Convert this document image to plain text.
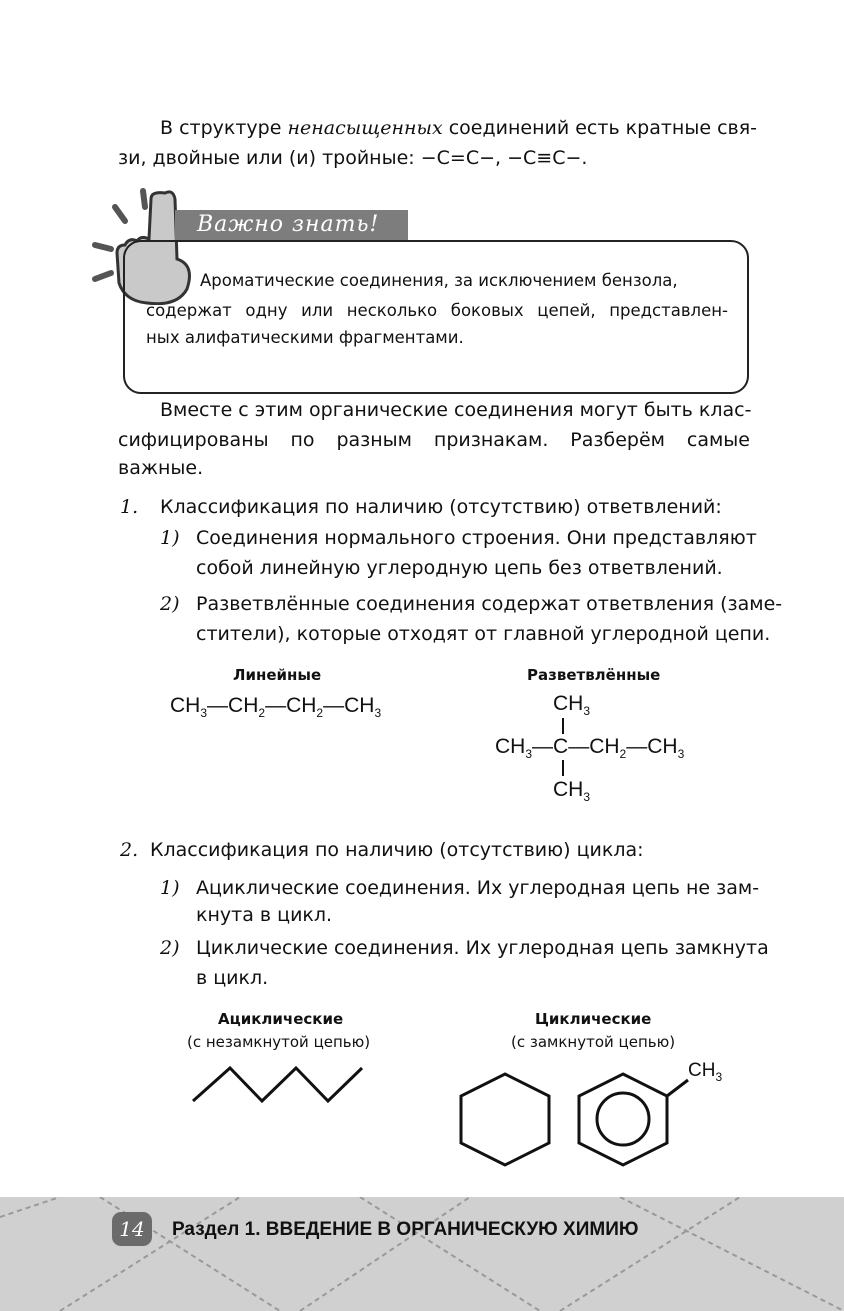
В структуре ненасыщенных соединений есть кратные свя-
зи, двойные или (и) тройные: −C=C−, −C≡C−.
Важно знать!
Ароматические соединения, за исключением бензола,
содержат одну или несколько боковых цепей, представлен-
ных алифатическими фрагментами.
Вместе с этим органические соединения могут быть клас-
сифицированы по разным признакам. Разберём самые
важные.
1. Классификация по наличию (отсутствию) ответвлений:
1) Соединения нормального строения. Они представляют
собой линейную углеродную цепь без ответвлений.
2) Разветвлённые соединения содержат ответвления (заме-
стители), которые отходят от главной углеродной цепи.
Линейные
$CH_3—CH_2—CH_2—CH_3$
Разветвлённые
$CH_3$
$CH_3—C—CH_2—CH_3$
$CH_3$
2. Классификация по наличию (отсутствию) цикла:
1) Ациклические соединения. Их углеродная цепь не зам-
кнута в цикл.
2) Циклические соединения. Их углеродная цепь замкнута
в цикл.
Ациклические
(с незамкнутой цепью)
Циклические
(с замкнутой цепью)
$CH_3$
14	Раздел 1. ВВЕДЕНИЕ В ОРГАНИЧЕСКУЮ ХИМИЮ
